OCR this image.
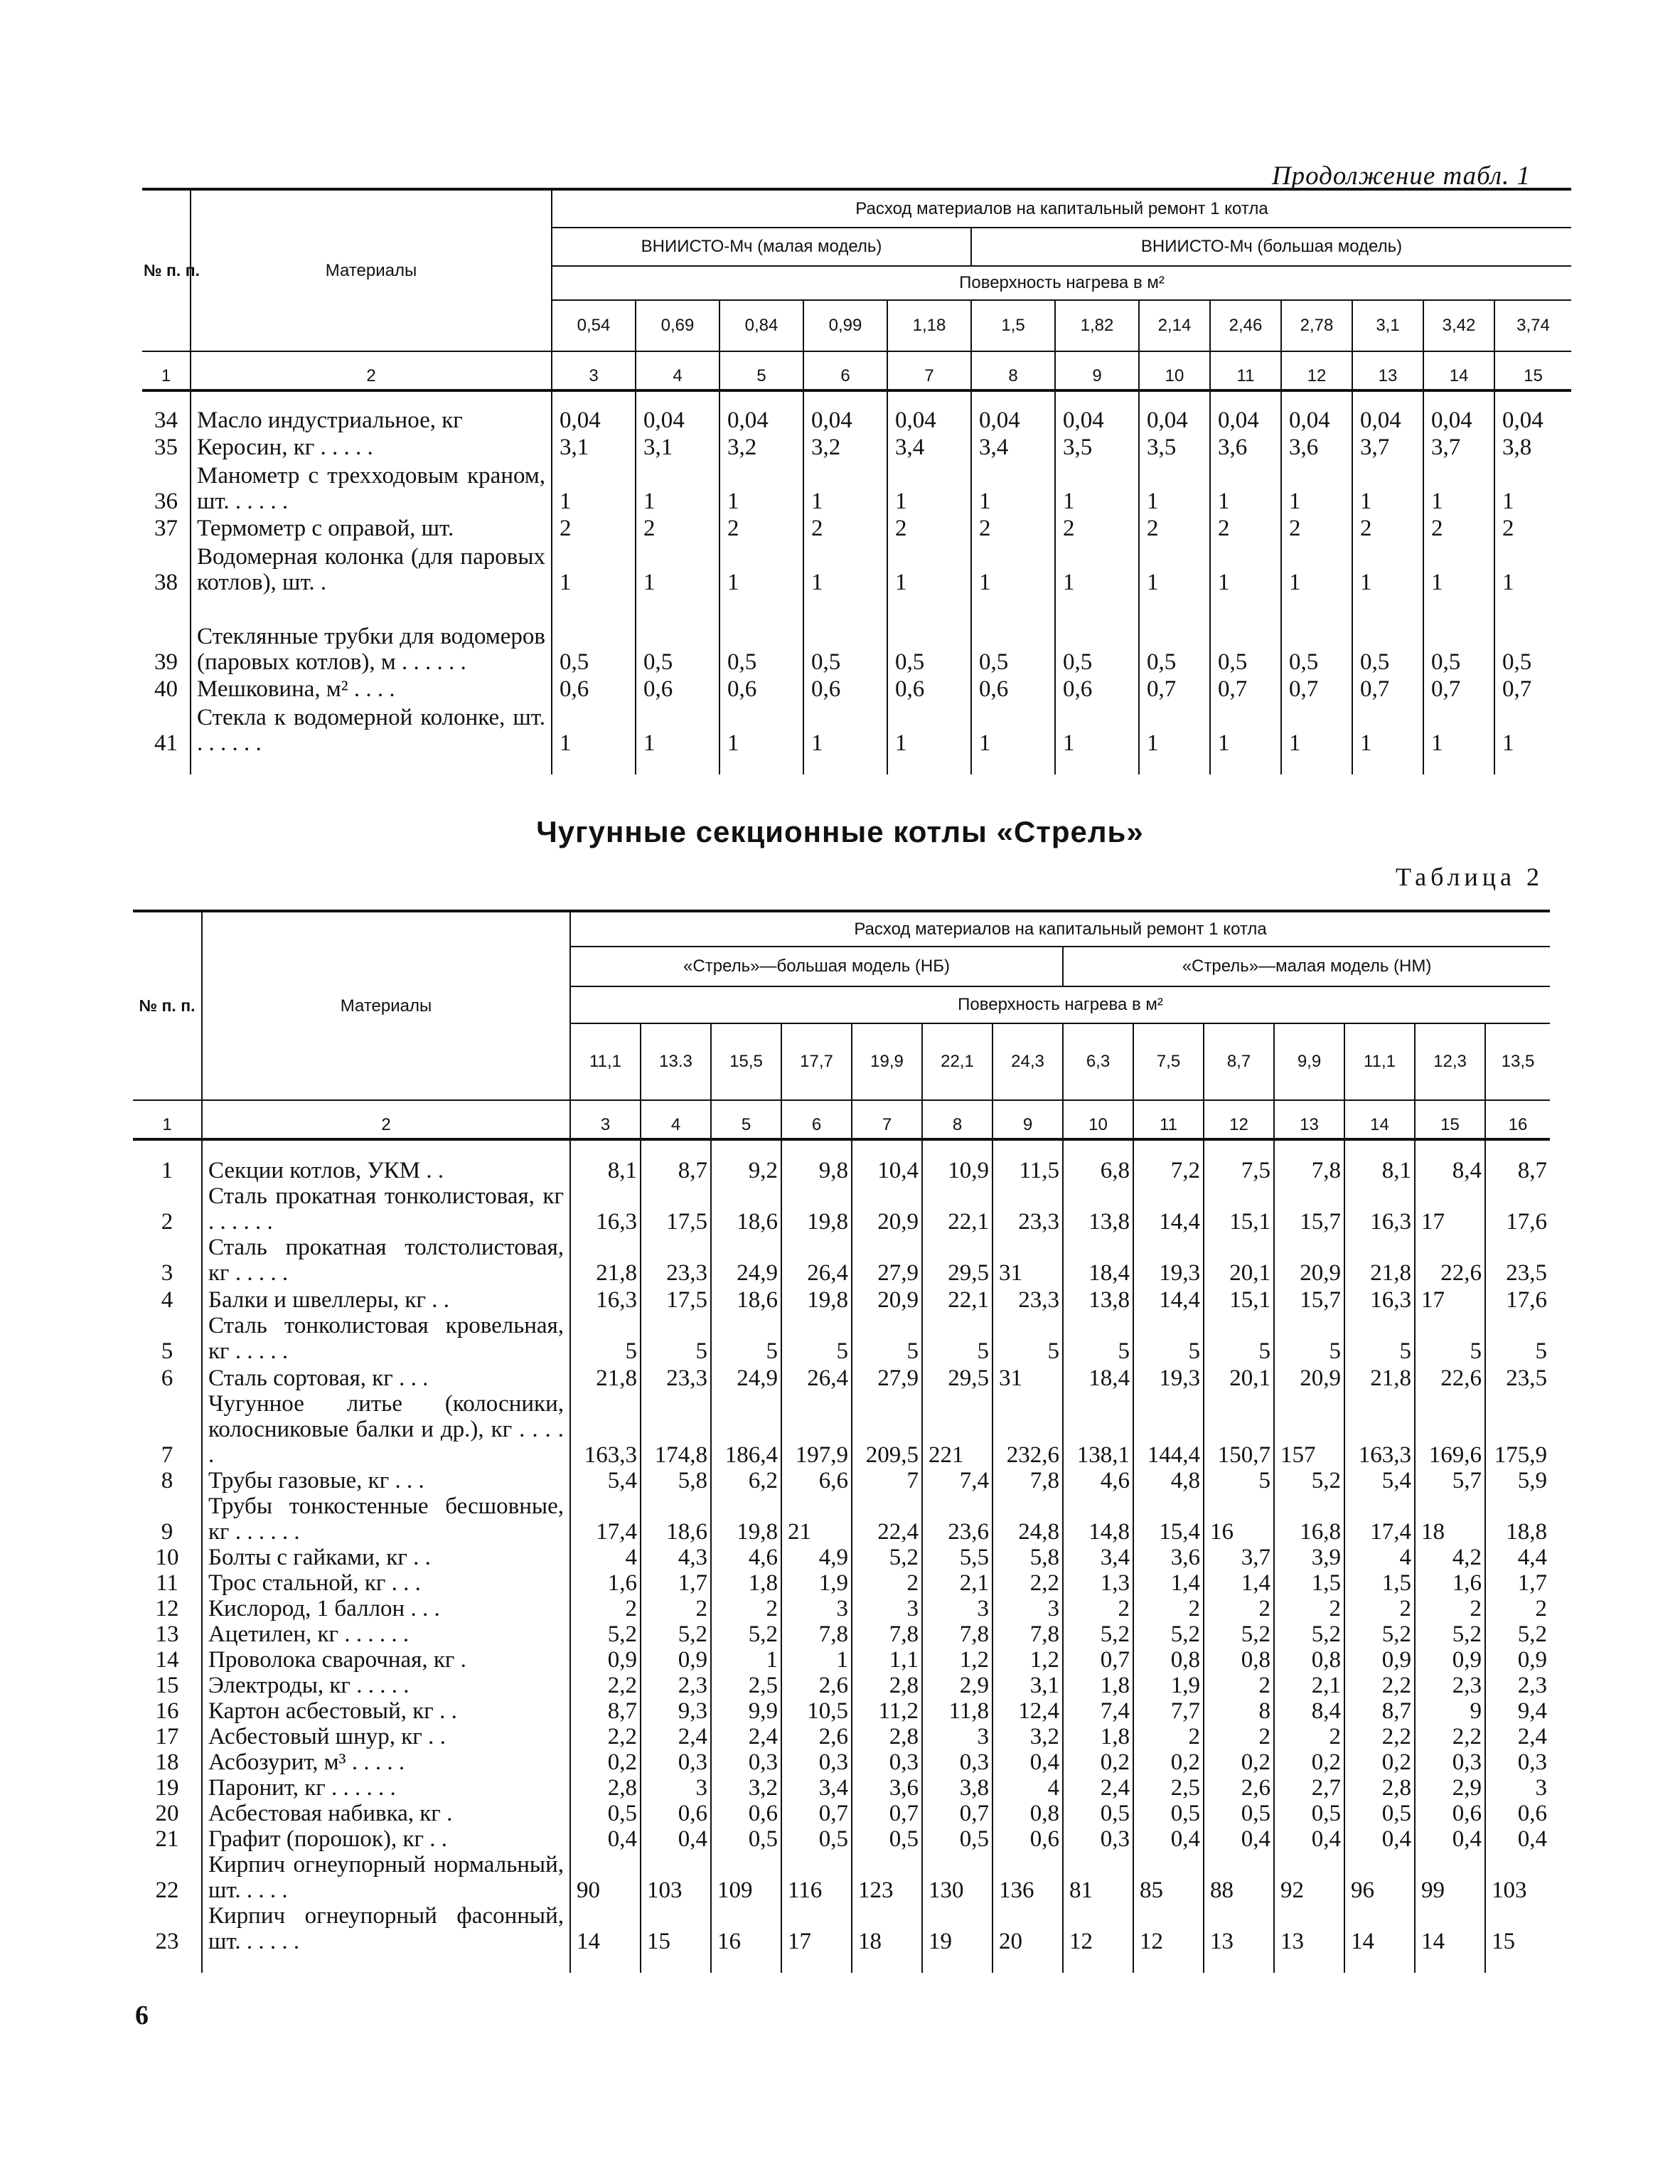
Продолжение табл. 1
№ п. п.	Материалы	Расход материалов на капитальный ремонт 1 котла												
		ВНИИСТО-Мч (малая модель)					ВНИИСТО-Мч (большая модель)							
		Поверхность нагрева в м²												
		0,54	0,69	0,84	0,99	1,18	1,5	1,82	2,14	2,46	2,78	3,1	3,42	3,74
1	2	3	4	5	6	7	8	9	10	11	12	13	14	15

34	Масло индустриальное, кг	0,04	0,04	0,04	0,04	0,04	0,04	0,04	0,04	0,04	0,04	0,04	0,04	0,04
35	Керосин, кг . . . . .	3,1	3,1	3,2	3,2	3,4	3,4	3,5	3,5	3,6	3,6	3,7	3,7	3,8
36	Манометр с трехходовым краном, шт. . . . . .	1	1	1	1	1	1	1	1	1	1	1	1	1
37	Термометр с оправой, шт.	2	2	2	2	2	2	2	2	2	2	2	2	2
38	Водомерная колонка (для паровых котлов), шт. .	1	1	1	1	1	1	1	1	1	1	1	1	1
39	Стеклянные трубки для водомеров (паровых котлов), м . . . . . .	0,5	0,5	0,5	0,5	0,5	0,5	0,5	0,5	0,5	0,5	0,5	0,5	0,5
40	Мешковина, м² . . . .	0,6	0,6	0,6	0,6	0,6	0,6	0,6	0,7	0,7	0,7	0,7	0,7	0,7
41	Стекла к водомерной колонке, шт. . . . . . .	1	1	1	1	1	1	1	1	1	1	1	1	1

Чугунные секционные котлы «Стрель»
Таблица 2
№ п. п.	Материалы	Расход материалов на капитальный ремонт 1 котла													
		«Стрель»—большая модель (НБ)							«Стрель»—малая модель (НМ)						
		Поверхность нагрева в м²													
		11,1	13.3	15,5	17,7	19,9	22,1	24,3	6,3	7,5	8,7	9,9	11,1	12,3	13,5
1	2	3	4	5	6	7	8	9	10	11	12	13	14	15	16

1	Секции котлов, УКМ . .	8,1	8,7	9,2	9,8	10,4	10,9	11,5	6,8	7,2	7,5	7,8	8,1	8,4	8,7
2	Сталь прокатная тонколистовая, кг . . . . . .	16,3	17,5	18,6	19,8	20,9	22,1	23,3	13,8	14,4	15,1	15,7	16,3	17	17,6
3	Сталь прокатная толстолистовая, кг . . . . .	21,8	23,3	24,9	26,4	27,9	29,5	31	18,4	19,3	20,1	20,9	21,8	22,6	23,5
4	Балки и швеллеры, кг . .	16,3	17,5	18,6	19,8	20,9	22,1	23,3	13,8	14,4	15,1	15,7	16,3	17	17,6
5	Сталь тонколистовая кровельная, кг . . . . .	5	5	5	5	5	5	5	5	5	5	5	5	5	5
6	Сталь сортовая, кг . . .	21,8	23,3	24,9	26,4	27,9	29,5	31	18,4	19,3	20,1	20,9	21,8	22,6	23,5
7	Чугунное литье (колосники, колосниковые балки и др.), кг . . . . .	163,3	174,8	186,4	197,9	209,5	221	232,6	138,1	144,4	150,7	157	163,3	169,6	175,9
8	Трубы газовые, кг . . .	5,4	5,8	6,2	6,6	7	7,4	7,8	4,6	4,8	5	5,2	5,4	5,7	5,9
9	Трубы тонкостенные бесшовные, кг . . . . . .	17,4	18,6	19,8	21	22,4	23,6	24,8	14,8	15,4	16	16,8	17,4	18	18,8
10	Болты с гайками, кг . .	4	4,3	4,6	4,9	5,2	5,5	5,8	3,4	3,6	3,7	3,9	4	4,2	4,4
11	Трос стальной, кг . . .	1,6	1,7	1,8	1,9	2	2,1	2,2	1,3	1,4	1,4	1,5	1,5	1,6	1,7
12	Кислород, 1 баллон . . .	2	2	2	3	3	3	3	2	2	2	2	2	2	2
13	Ацетилен, кг . . . . . .	5,2	5,2	5,2	7,8	7,8	7,8	7,8	5,2	5,2	5,2	5,2	5,2	5,2	5,2
14	Проволока сварочная, кг .	0,9	0,9	1	1	1,1	1,2	1,2	0,7	0,8	0,8	0,8	0,9	0,9	0,9
15	Электроды, кг . . . . .	2,2	2,3	2,5	2,6	2,8	2,9	3,1	1,8	1,9	2	2,1	2,2	2,3	2,3
16	Картон асбестовый, кг . .	8,7	9,3	9,9	10,5	11,2	11,8	12,4	7,4	7,7	8	8,4	8,7	9	9,4
17	Асбестовый шнур, кг . .	2,2	2,4	2,4	2,6	2,8	3	3,2	1,8	2	2	2	2,2	2,2	2,4
18	Асбозурит, м³ . . . . .	0,2	0,3	0,3	0,3	0,3	0,3	0,4	0,2	0,2	0,2	0,2	0,2	0,3	0,3
19	Паронит, кг . . . . . .	2,8	3	3,2	3,4	3,6	3,8	4	2,4	2,5	2,6	2,7	2,8	2,9	3
20	Асбестовая набивка, кг .	0,5	0,6	0,6	0,7	0,7	0,7	0,8	0,5	0,5	0,5	0,5	0,5	0,6	0,6
21	Графит (порошок), кг . .	0,4	0,4	0,5	0,5	0,5	0,5	0,6	0,3	0,4	0,4	0,4	0,4	0,4	0,4
22	Кирпич огнеупорный нормальный, шт. . . . .	90	103	109	116	123	130	136	81	85	88	92	96	99	103
23	Кирпич огнеупорный фасонный, шт. . . . . .	14	15	16	17	18	19	20	12	12	13	13	14	14	15

6
